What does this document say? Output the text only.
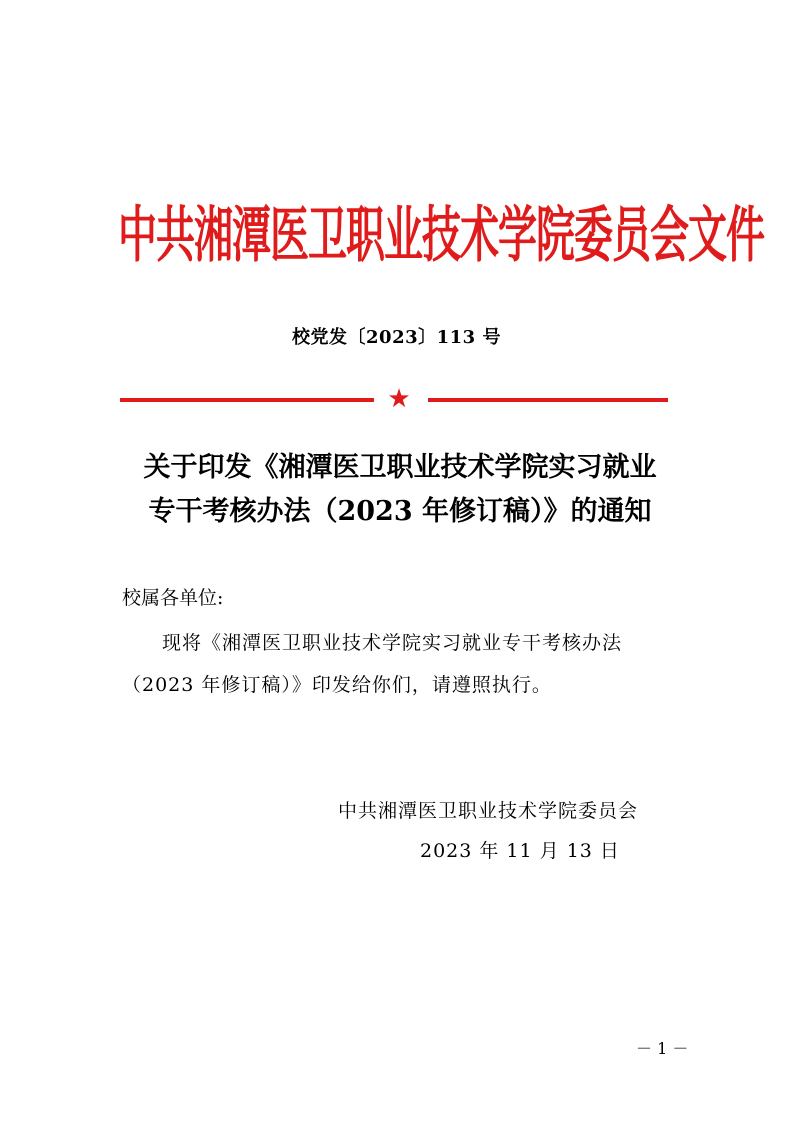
中共湘潭医卫职业技术学院委员会文件
校党发〔2023〕113 号
★
关于印发《湘潭医卫职业技术学院实习就业
专干考核办法（2023 年修订稿）》的通知
校属各单位:
现将《湘潭医卫职业技术学院实习就业专干考核办法
（2023 年修订稿）》印发给你们，请遵照执行。
中共湘潭医卫职业技术学院委员会
2023 年 11 月 13 日
－ 1 －
